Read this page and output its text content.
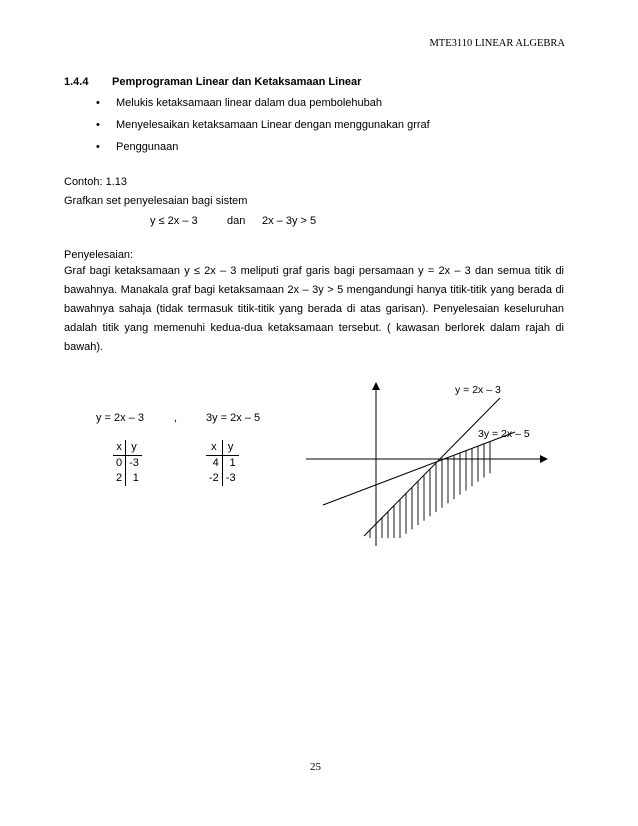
MTE3110 LINEAR ALGEBRA
1.4.4 Pemprograman Linear dan Ketaksamaan Linear
• Melukis ketaksamaan linear dalam dua pembolehubah
• Menyelesaikan ketaksamaan Linear dengan menggunakan grraf
• Penggunaan
Contoh: 1.13
Grafkan set penyelesaian bagi sistem
y ≤ 2x – 3	dan 2x – 3y > 5
Penyelesaian:
Graf bagi ketaksamaan y ≤ 2x – 3 meliputi graf garis bagi persamaan y = 2x – 3 dan semua titik di bawahnya. Manakala graf bagi ketaksamaan 2x – 3y > 5 mengandungi hanya titik-titik yang berada di bawahnya sahaja (tidak termasuk titik-titik yang berada di atas garisan). Penyelesaian keseluruhan adalah titik yang memenuhi kedua-dua ketaksamaan tersebut. ( kawasan berlorek dalam rajah di bawah).
y = 2x – 3	,	3y = 2x – 5
x	y
0	-3
2	1
x	y
4	1
-2	-3
y = 2x – 3
3y = 2x – 5
25
